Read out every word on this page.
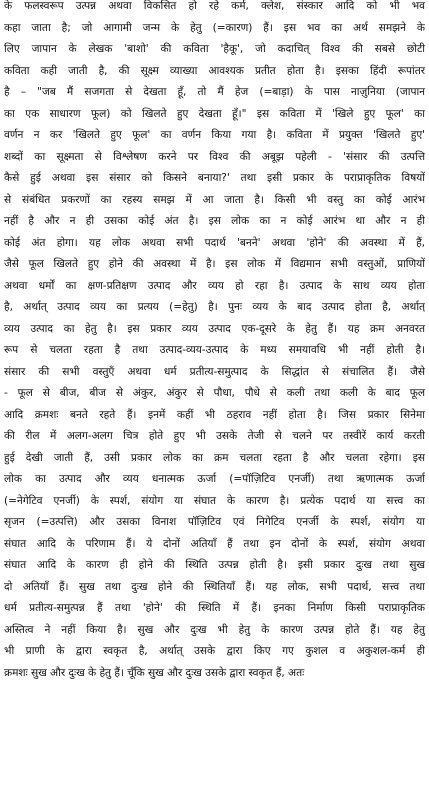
के फलस्वरूप उत्पन्न अथवा विकसित हो रहे कर्म, क्लेश, संस्कार आदि को भी भव
कहा जाता है; जो आगामी जन्म के हेतु (=कारण) हैं। इस भव का अर्थ समझने के
लिए जापान के लेखक 'बाशो' की कविता 'हैकू', जो कदाचित् विश्व की सबसे छोटी
कविता कही जाती है, की सूक्ष्म व्याख्या आवश्यक प्रतीत होता है। इसका हिंदी रूपांतर
है – "जब मैं सजगता से देखता हूँ, तो मैं हेज (=बाड़ा) के पास नाज़ुनिया (जापान
का एक साधारण फूल) को खिलते हुए देखता हूँ।" इस कविता में 'खिले हुए फूल' का
वर्णन न कर 'खिलते हुए फूल' का वर्णन किया गया है। कविता में प्रयुक्त 'खिलते हुए'
शब्दों का सूक्ष्मता से विश्लेषण करने पर विश्व की अबूझ पहेली - 'संसार की उत्पत्ति
कैसे हुई अथवा इस संसार को किसने बनाया?' तथा इसी प्रकार के पराप्राकृतिक विषयों
से संबंधित प्रकरणों का रहस्य समझ में आ जाता है। किसी भी वस्तु का कोई आरंभ
नहीं है और न ही उसका कोई अंत है। इस लोक का न कोई आरंभ था और न ही
कोई अंत होगा। यह लोक अथवा सभी पदार्थ 'बनने' अथवा 'होने' की अवस्था में हैं,
जैसे फूल खिलते हुए होने की अवस्था में है। इस लोक में विद्यमान सभी वस्तुओं, प्राणियों
अथवा धर्मों का क्षण-प्रतिक्षण उत्पाद और व्यय हो रहा है। उत्पाद के साथ व्यय होता
है, अर्थात् उत्पाद व्यय का प्रत्यय (=हेतु) है। पुनः व्यय के बाद उत्पाद होता है, अर्थात्
व्यय उत्पाद का हेतु है। इस प्रकार व्यय उत्पाद एक-दूसरे के हेतु हैं। यह क्रम अनवरत
रूप से चलता रहता है तथा उत्पाद-व्यय-उत्पाद के मध्य समयावधि भी नहीं होती है।
संसार की सभी वस्तुएँ अथवा धर्म प्रतीत्य-समुत्पाद के सिद्धांत से संचालित हैं। जैसे
- फूल से बीज, बीज से अंकुर, अंकुर से पौधा, पौधे से कली तथा कली के बाद फूल
आदि क्रमशः बनते रहते हैं। इनमें कहीं भी ठहराव नहीं होता है। जिस प्रकार सिनेमा
की रील में अलग-अलग चित्र होते हुए भी उसके तेजी से चलने पर तस्वीरें कार्य करती
हुई देखी जाती हैं, उसी प्रकार लोक का क्रम चलता रहता है और चलता रहेगा। इस
लोक का उत्पाद और व्यय धनात्मक ऊर्जा (=पॉज़िटिव एनर्जी) तथा ऋणात्मक ऊर्जा
(=नेगेटिव एनर्जी) के स्पर्श, संयोग या संघात के कारण है। प्रत्येक पदार्थ या सत्त्व का
सृजन (=उत्पत्ति) और उसका विनाश पॉज़िटिव एवं निगेटिव एनर्जी के स्पर्श, संयोग या
संघात आदि के परिणाम हैं। ये दोनों अतियाँ हैं तथा इन दोनों के स्पर्श, संयोग अथवा
संघात आदि के कारण ही होने की स्थिति उत्पन्न होती है। इसी प्रकार दुःख तथा सुख
दो अतियाँ हैं। सुख तथा दुःख होने की स्थितियाँ हैं। यह लोक, सभी पदार्थ, सत्त्व तथा
धर्म प्रतीत्य-समुत्पन्न हैं तथा 'होने' की स्थिति में हैं। इनका निर्माण किसी पराप्राकृतिक
अस्तित्व ने नहीं किया है। सुख और दुःख भी हेतु के कारण उत्पन्न होते हैं। यह हेतु
भी प्राणी के द्वारा स्वकृत है, अर्थात् उसके द्वारा किए गए कुशल व अकुशल-कर्म ही
क्रमशः सुख और दुःख के हेतु हैं। चूँकि सुख और दुःख उसके द्वारा स्वकृत हैं, अतः
